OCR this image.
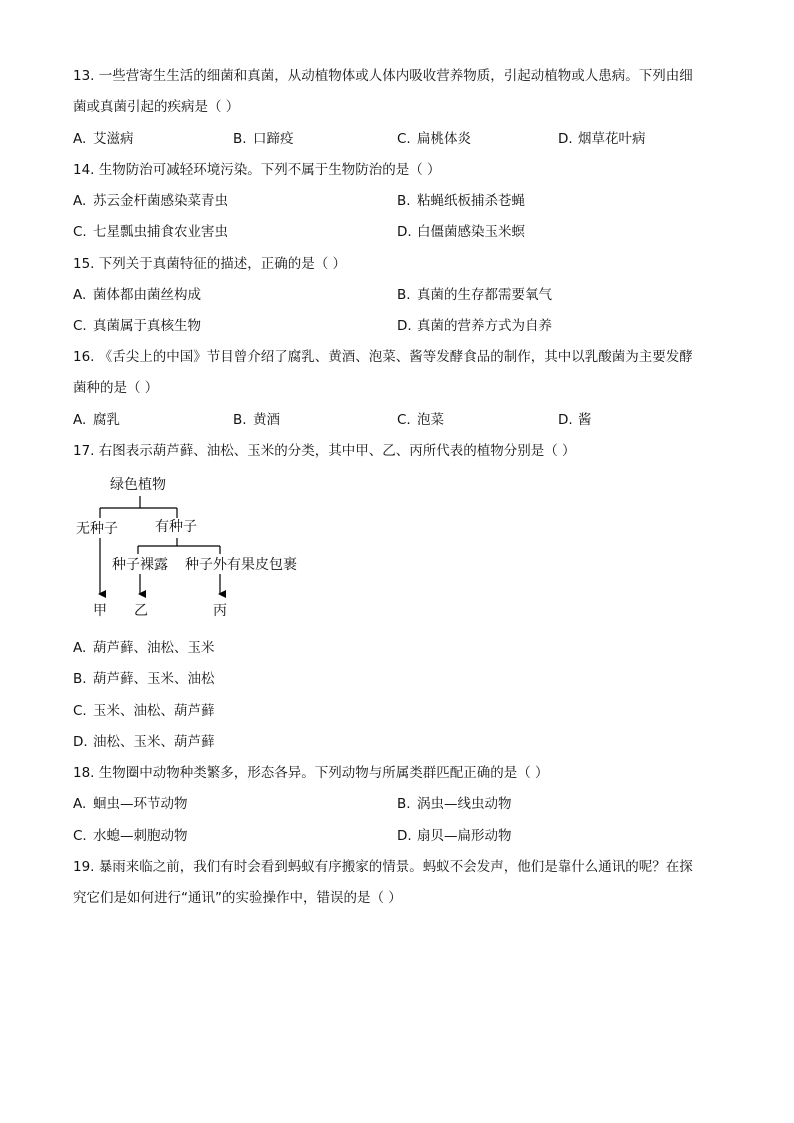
13. 一些营寄生生活的细菌和真菌，从动植物体或人体内吸收营养物质，引起动植物或人患病。下列由细
菌或真菌引起的疾病是（ ）
A. 艾滋病	B. 口蹄疫	C. 扁桃体炎	D. 烟草花叶病
14. 生物防治可减轻环境污染。下列不属于生物防治的是（ ）
A. 苏云金杆菌感染菜青虫	B. 粘蝇纸板捕杀苍蝇
C. 七星瓢虫捕食农业害虫	D. 白僵菌感染玉米螟
15. 下列关于真菌特征的描述，正确的是（ ）
A. 菌体都由菌丝构成	B. 真菌的生存都需要氧气
C. 真菌属于真核生物	D. 真菌的营养方式为自养
16. 《舌尖上的中国》节目曾介绍了腐乳、黄酒、泡菜、酱等发酵食品的制作，其中以乳酸菌为主要发酵
菌种的是（ ）
A. 腐乳	B. 黄酒	C. 泡菜	D. 酱
17. 右图表示葫芦藓、油松、玉米的分类，其中甲、乙、丙所代表的植物分别是（ ）
绿色植物
无种子	有种子
种子裸露 种子外有果皮包裹
甲 乙	丙
A. 葫芦藓、油松、玉米
B. 葫芦藓、玉米、油松
C. 玉米、油松、葫芦藓
D. 油松、玉米、葫芦藓
18. 生物圈中动物种类繁多，形态各异。下列动物与所属类群匹配正确的是（ ）
A. 蛔虫—环节动物	B. 涡虫—线虫动物
C. 水螅—刺胞动物	D. 扇贝—扁形动物
19. 暴雨来临之前，我们有时会看到蚂蚁有序搬家的情景。蚂蚁不会发声，他们是靠什么通讯的呢？在探
究它们是如何进行“通讯”的实验操作中，错误的是（ ）
